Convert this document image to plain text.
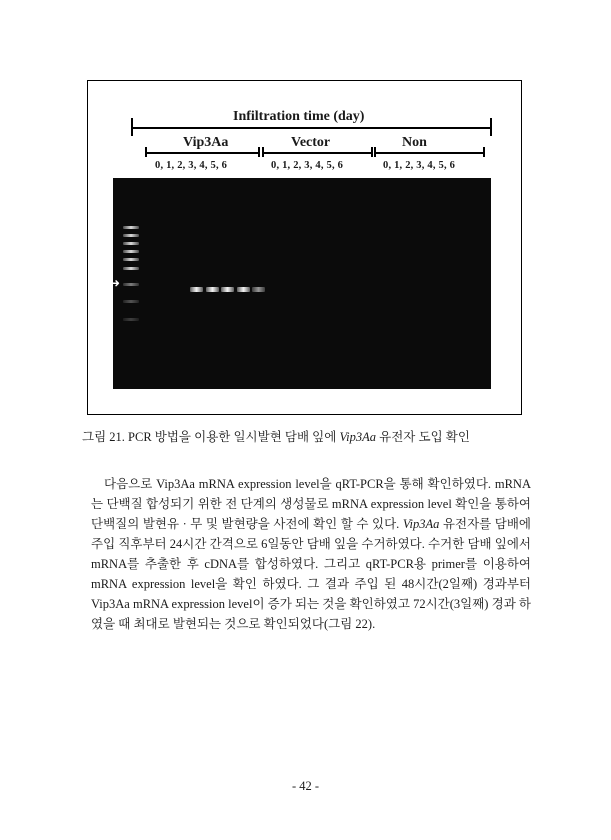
Infiltration time (day)
Vip3Aa	Vector	Non
0, 1, 2, 3, 4, 5, 6	0, 1, 2, 3, 4, 5, 6	0, 1, 2, 3, 4, 5, 6
➜
그림 21. PCR 방법을 이용한 일시발현 담배 잎에 Vip3Aa 유전자 도입 확인

다음으로 Vip3Aa mRNA expression level을 qRT-PCR을 통해 확인하였다. mRNA는 단백질 합성되기 위한 전 단계의 생성물로 mRNA expression level 확인을 통하여 단백질의 발현유 · 무 및 발현량을 사전에 확인 할 수 있다. Vip3Aa 유전자를 담배에 주입 직후부터 24시간 간격으로 6일동안 담배 잎을 수거하였다. 수거한 담배 잎에서 mRNA를 추출한 후 cDNA를 합성하였다. 그리고 qRT-PCR용 primer를 이용하여 mRNA expression level을 확인 하였다. 그 결과 주입 된 48시간(2일째) 경과부터 Vip3Aa mRNA expression level이 증가 되는 것을 확인하였고 72시간(3일째) 경과 하였을 때 최대로 발현되는 것으로 확인되었다(그림 22).

- 42 -
